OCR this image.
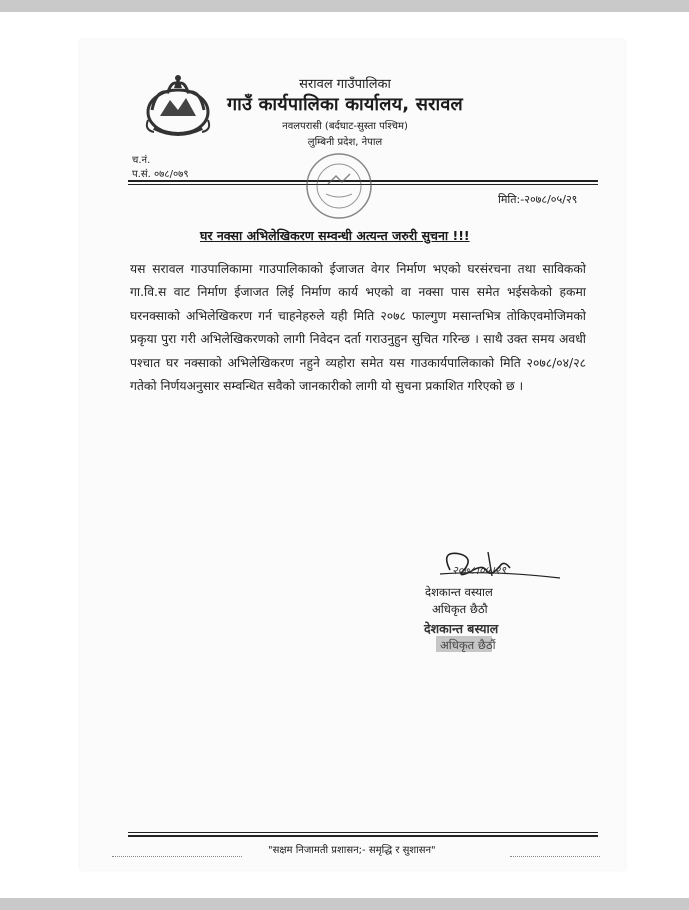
सरावल गाउँपालिका
गाउँ कार्यपालिका कार्यालय, सरावल
नवलपरासी (बर्दघाट-सुस्ता पश्चिम)
लुम्बिनी प्रदेश, नेपाल
च.नं.
प.सं. ०७८/०७९
मिति:-२०७८/०५/२९
घर नक्सा अभिलेखिकरण सम्वन्धी अत्यन्त जरुरी सुचना !!!
यस सरावल गाउपालिकामा गाउपालिकाको ईजाजत वेगर निर्माण भएको घरसंरचना तथा साविकको गा.वि.स वाट निर्माण ईजाजत लिई निर्माण कार्य भएको वा नक्सा पास समेत भईसकेको हकमा घरनक्साको अभिलेखिकरण गर्न चाहनेहरुले यही मिति २०७८ फाल्गुण मसान्तभित्र तोकिएवमोजिमको प्रकृया पुरा गरी अभिलेखिकरणको लागी निवेदन दर्ता गराउनुहुन सुचित गरिन्छ । साथै उक्त समय अवधी पश्चात घर नक्साको अभिलेखिकरण नहुने व्यहोरा समेत यस गाउकार्यपालिकाको मिति २०७८/०४/२८ गतेको निर्णयअनुसार सम्वन्धित सवैको जानकारीको लागी यो सुचना प्रकाशित गरिएको छ ।
२०७८।०५।२९
देशकान्त वस्याल
अधिकृत छैठौ
देशकान्त बस्याल
अधिकृत छैठौं
"सक्षम निजामती प्रशासन;- समृद्धि र सुशासन"
